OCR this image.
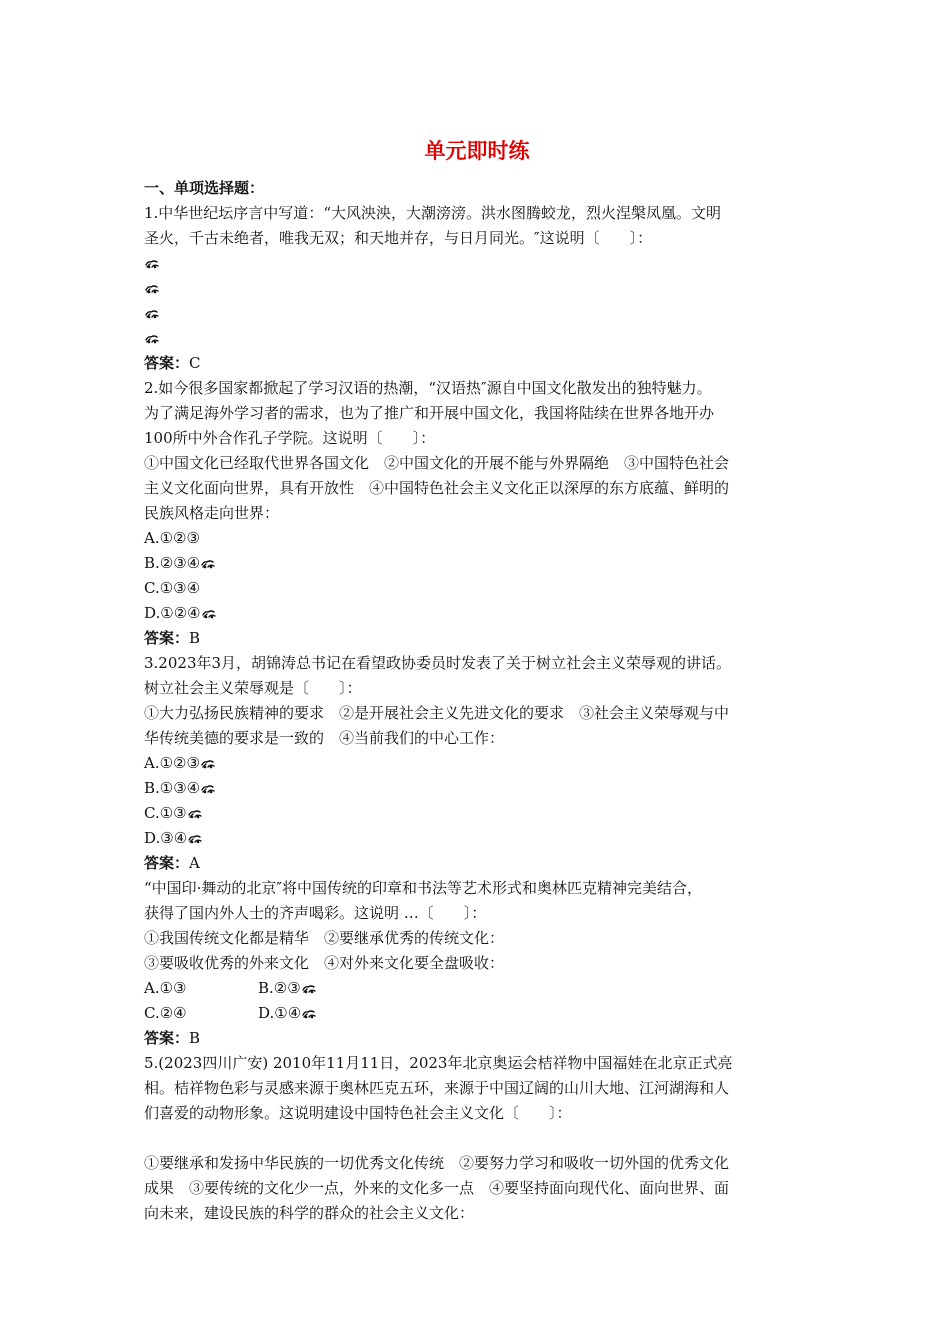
单元即时练
一、单项选择题：
1.中华世纪坛序言中写道：“大风泱泱，大潮滂滂。洪水图腾蛟龙，烈火涅槃凤凰。文明
圣火，千古未绝者，唯我无双；和天地并存，与日月同光。″这说明〔　　〕：
答案：C
2.如今很多国家都掀起了学习汉语的热潮，“汉语热″源自中国文化散发出的独特魅力。
为了满足海外学习者的需求，也为了推广和开展中国文化，我国将陆续在世界各地开办
100所中外合作孔子学院。这说明〔　　〕：
①中国文化已经取代世界各国文化　②中国文化的开展不能与外界隔绝　③中国特色社会
主义文化面向世界，具有开放性　④中国特色社会主义文化正以深厚的东方底蕴、鲜明的
民族风格走向世界：
A.①②③
B.②③④
C.①③④
D.①②④
答案：B
3.2023年3月，胡锦涛总书记在看望政协委员时发表了关于树立社会主义荣辱观的讲话。
树立社会主义荣辱观是〔　　〕：
①大力弘扬民族精神的要求　②是开展社会主义先进文化的要求　③社会主义荣辱观与中
华传统美德的要求是一致的　④当前我们的中心工作：
A.①②③
B.①③④
C.①③
D.③④
答案：A
“中国印·舞动的北京″将中国传统的印章和书法等艺术形式和奥林匹克精神完美结合，
获得了国内外人士的齐声喝彩。这说明 …〔　　〕：
①我国传统文化都是精华　②要继承优秀的传统文化：
③要吸收优秀的外来文化　④对外来文化要全盘吸收：
A.①③	B.②③
C.②④	D.①④
答案：B
5.(2023四川广安) 2010年11月11日，2023年北京奥运会桔祥物中国福娃在北京正式亮
相。桔祥物色彩与灵感来源于奥林匹克五环，来源于中国辽阔的山川大地、江河湖海和人
们喜爱的动物形象。这说明建设中国特色社会主义文化〔　　〕：
①要继承和发扬中华民族的一切优秀文化传统　②要努力学习和吸收一切外国的优秀文化
成果　③要传统的文化少一点，外来的文化多一点　④要坚持面向现代化、面向世界、面
向未来，建设民族的科学的群众的社会主义文化：
